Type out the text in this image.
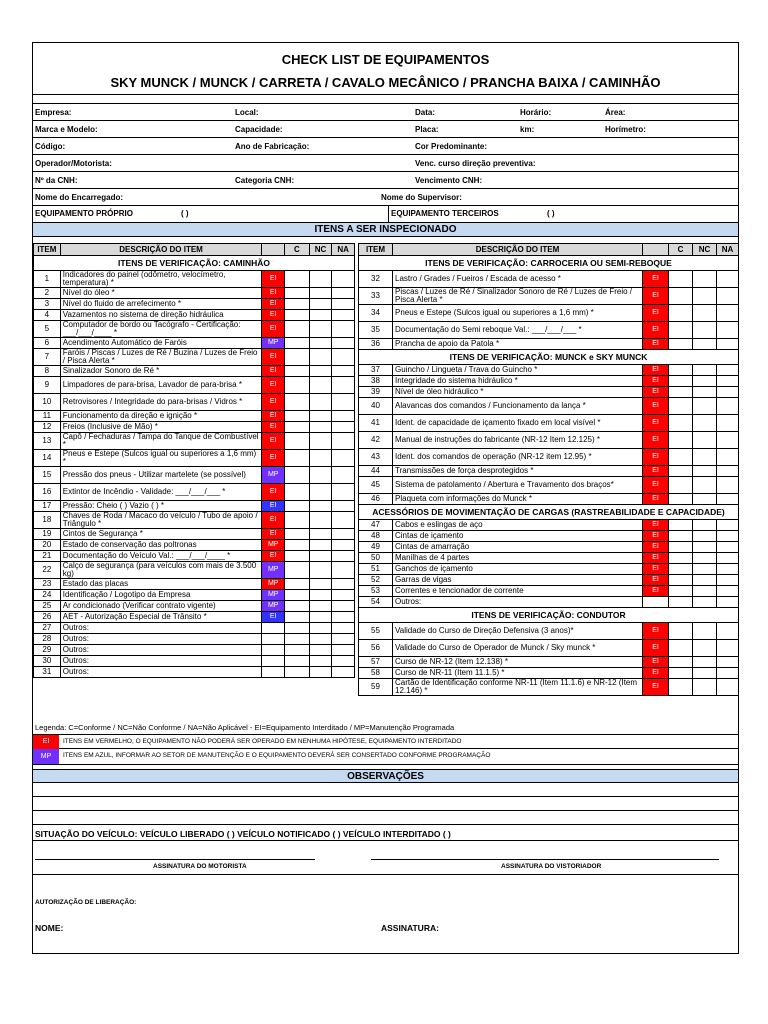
CHECK LIST DE EQUIPAMENTOS
SKY MUNCK / MUNCK / CARRETA / CAVALO MECÂNICO / PRANCHA BAIXA / CAMINHÃO
Empresa:	Local:	Data:	Horário:	Área:
Marca e Modelo:	Capacidade:	Placa:	km:	Horímetro:
Código:	Ano de Fabricação:	Cor Predominante:
Operador/Motorista:	Venc. curso direção preventiva:
Nº da CNH:	Categoria CNH:	Vencimento CNH:
Nome do Encarregado:	Nome do Supervisor:
EQUIPAMENTO PRÓPRIO	( )	EQUIPAMENTO TERCEIROS	( )
ITENS A SER INSPECIONADO
ITEM	DESCRIÇÃO DO ITEM		C	NC	NA
ITENS DE VERIFICAÇÃO: CAMINHÃO					
1	Indicadores do painel (odômetro, velocímetro, temperatura) *	EI			
2	Nível do óleo *	EI			
3	Nível do fluido de arrefecimento *	EI			
4	Vazamentos no sistema de direção hidráulica	EI			
5	Computador de bordo ou Tacógrafo - Certificação: ___/___/____ *	EI			
6	Acendimento Automático de Faróis	MP			
7	Faróis / Piscas / Luzes de Ré / Buzina / Luzes de Freio / Pisca Alerta *	EI			
8	Sinalizador Sonoro de Ré *	EI			
9	Limpadores de para-brisa, Lavador de para-brisa *	EI			
10	Retrovisores / Integridade do para-brisas / Vidros *	EI			
11	Funcionamento da direção e ignição *	EI			
12	Freios (Inclusive de Mão) *	EI			
13	Capô / Fechaduras / Tampa do Tanque de Combustível *	EI			
14	Pneus e Estepe (Sulcos igual ou superiores a 1,6 mm) *	EI			
15	Pressão dos pneus - Utilizar martelete (se possível)	MP			
16	Extintor de Incêndio - Validade: ___/___/___ *	EI			
17	Pressão: Cheio ( ) Vazio ( ) *	EI			
18	Chaves de Roda / Macaco do veículo / Tubo de apoio / Triângulo *	EI			
19	Cintos de Segurança *	EI			
20	Estado de conservação das poltronas	MP			
21	Documentação do Veículo Val.: ___/___/____ *	EI			
22	Calço de segurança (para veículos com mais de 3.500 kg)	MP			
23	Estado das placas	MP			
24	Identificação / Logotipo da Empresa	MP			
25	Ar condicionado (Verificar contrato vigente)	MP			
26	AET - Autorização Especial de Trânsito *	EI			
27	Outros:				
28	Outros:				
29	Outros:				
30	Outros:				
31	Outros:				
ITEM	DESCRIÇÃO DO ITEM		C	NC	NA
ITENS DE VERIFICAÇÃO: CARROCERIA OU SEMI-REBOQUE					
32	Lastro / Grades / Fueiros / Escada de acesso *	EI			
33	Piscas / Luzes de Ré / Sinalizador Sonoro de Ré / Luzes de Freio / Pisca Alerta *	EI			
34	Pneus e Estepe (Sulcos igual ou superiores a 1,6 mm) *	EI			
35	Documentação do Semi reboque Val.: ___/___/___ *	EI			
36	Prancha de apoio da Patola *	EI			
ITENS DE VERIFICAÇÃO: MUNCK e SKY MUNCK					
37	Guincho / Lingueta / Trava do Guincho *	EI			
38	Integridade do sistema hidráulico *	EI			
39	Nível de óleo hidráulico *	EI			
40	Alavancas dos comandos / Funcionamento da lança *	EI			
41	Ident. de capacidade de içamento fixado em local visível *	EI			
42	Manual de instruções do fabricante (NR-12 Item 12.125) *	EI			
43	Ident. dos comandos de operação (NR-12 item 12.95) *	EI			
44	Transmissões de força desprotegidos *	EI			
45	Sistema de patolamento / Abertura e Travamento dos braços*	EI			
46	Plaqueta com informações do Munck *	EI			
ACESSÓRIOS DE MOVIMENTAÇÃO DE CARGAS (RASTREABILIDADE E CAPACIDADE)					
47	Cabos e eslingas de aço	EI			
48	Cintas de içamento	EI			
49	Cintas de amarração	EI			
50	Manilhas de 4 partes	EI			
51	Ganchos de içamento	EI			
52	Garras de vigas	EI			
53	Correntes e tencionador de corrente	EI			
54	Outros:				
ITENS DE VERIFICAÇÃO: CONDUTOR					
55	Validade do Curso de Direção Defensiva (3 anos)*	EI			
56	Validade do Curso de Operador de Munck / Sky munck *	EI			
57	Curso de NR-12 (Item 12.138) *	EI			
58	Curso de NR-11 (Item 11.1.5) *	EI			
59	Cartão de Identificação conforme NR-11 (Item 11.1.6) e NR-12 (Item 12.146) *	EI			
Legenda: C=Conforme / NC=Não Conforme / NA=Não Aplicável - EI=Equipamento Interditado / MP=Manutenção Programada
EI	ITENS EM VERMELHO, O EQUIPAMENTO NÃO PODERÁ SER OPERADO EM NENHUMA HIPÓTESE, EQUIPAMENTO INTERDITADO
MP	ITENS EM AZUL, INFORMAR AO SETOR DE MANUTENÇÃO E O EQUIPAMENTO DEVERÁ SER CONSERTADO CONFORME PROGRAMAÇÃO
OBSERVAÇÕES
SITUAÇÃO DO VEÍCULO: VEÍCULO LIBERADO ( ) VEÍCULO NOTIFICADO ( ) VEÍCULO INTERDITADO ( )
ASSINATURA DO MOTORISTA	ASSINATURA DO VISTORIADOR
AUTORIZAÇÃO DE LIBERAÇÃO:
NOME:	ASSINATURA:
